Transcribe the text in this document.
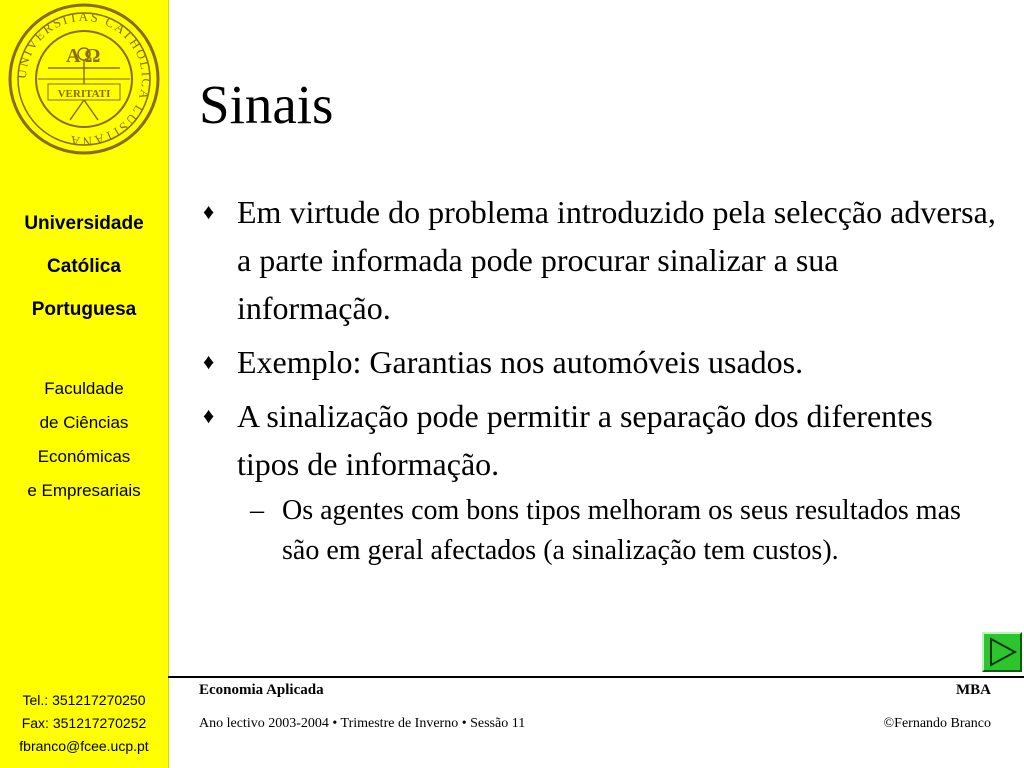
UNIVERSITAS CATHOLICA LUSITANA
A Ω
VERITATI
Universidade
Católica
Portuguesa
Faculdade
de Ciências
Económicas
e Empresariais
Tel.: 351217270250
Fax: 351217270252
fbranco@fcee.ucp.pt
Sinais
♦ Em virtude do problema introduzido pela selecção adversa, a parte informada pode procurar sinalizar a sua informação.
♦ Exemplo: Garantias nos automóveis usados.
♦ A sinalização pode permitir a separação dos diferentes tipos de informação.
– Os agentes com bons tipos melhoram os seus resultados mas são em geral afectados (a sinalização tem custos).
Economia Aplicada	MBA
Ano lectivo 2003-2004 • Trimestre de Inverno • Sessão 11	©Fernando Branco
